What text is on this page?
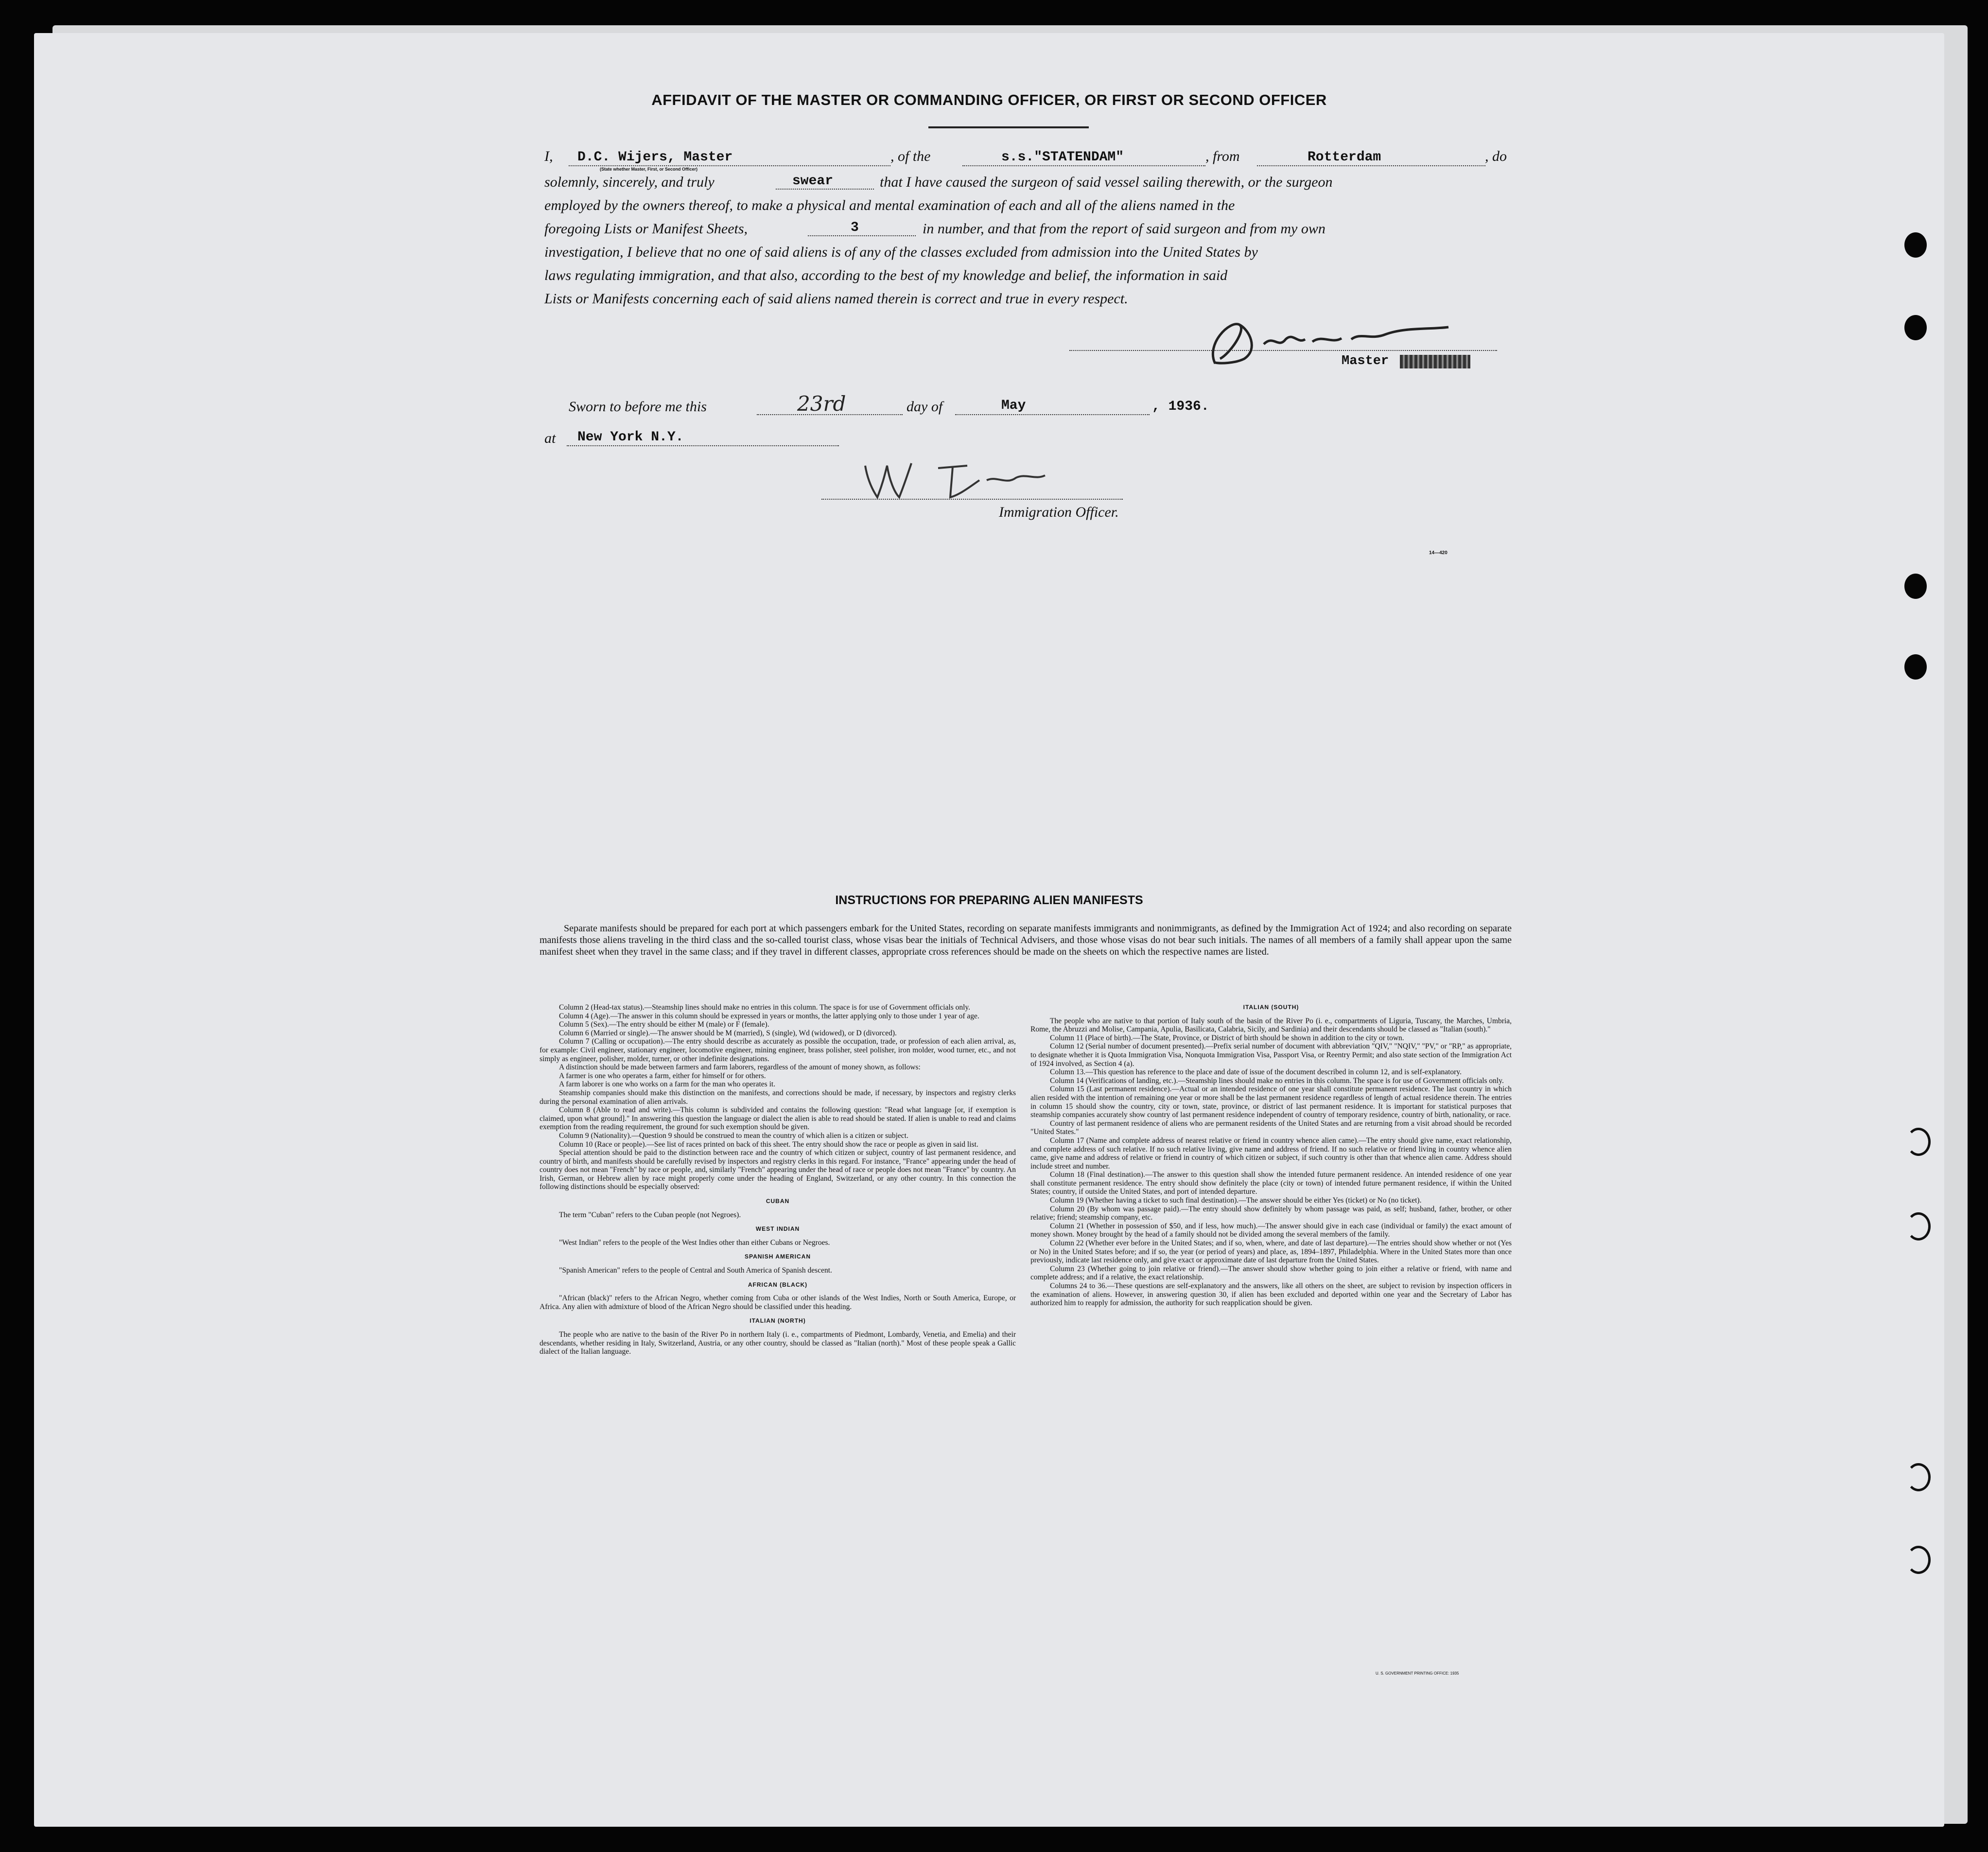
AFFIDAVIT OF THE MASTER OR COMMANDING OFFICER, OR FIRST OR SECOND OFFICER
I,	D.C. Wijers, Master
(State whether Master, First, or Second Officer)
, of the	s.s."STATENDAM"	, from	Rotterdam	, do
solemnly, sincerely, and truly	swear	that I have caused the surgeon of said vessel sailing therewith, or the surgeon
employed by the owners thereof, to make a physical and mental examination of each and all of the aliens named in the
foregoing Lists or Manifest Sheets,	3	in number, and that from the report of said surgeon and from my own
investigation, I believe that no one of said aliens is of any of the classes excluded from admission into the United States by
laws regulating immigration, and that also, according to the best of my knowledge and belief, the information in said
Lists or Manifests concerning each of said aliens named therein is correct and true in every respect.
Master
Sworn to before me this	23rd	day of	May	, 1936.
at	New York N.Y.
Immigration Officer.
14—420
INSTRUCTIONS FOR PREPARING ALIEN MANIFESTS
Separate manifests should be prepared for each port at which passengers embark for the United States, recording on separate manifests immigrants and nonimmigrants, as defined by the Immigration Act of 1924; and also recording on separate manifests those aliens traveling in the third class and the so-called tourist class, whose visas bear the initials of Technical Advisers, and those whose visas do not bear such initials. The names of all members of a family shall appear upon the same manifest sheet when they travel in the same class; and if they travel in different classes, appropriate cross references should be made on the sheets on which the respective names are listed.

Column 2 (Head-tax status).—Steamship lines should make no entries in this column. The space is for use of Government officials only.

Column 4 (Age).—The answer in this column should be expressed in years or months, the latter applying only to those under 1 year of age.

Column 5 (Sex).—The entry should be either M (male) or F (female).

Column 6 (Married or single).—The answer should be M (married), S (single), Wd (widowed), or D (divorced).

Column 7 (Calling or occupation).—The entry should describe as accurately as possible the occupation, trade, or profession of each alien arrival, as, for example: Civil engineer, stationary engineer, locomotive engineer, mining engineer, brass polisher, steel polisher, iron molder, wood turner, etc., and not simply as engineer, polisher, molder, turner, or other indefinite designations.

A distinction should be made between farmers and farm laborers, regardless of the amount of money shown, as follows:

A farmer is one who operates a farm, either for himself or for others.

A farm laborer is one who works on a farm for the man who operates it.

Steamship companies should make this distinction on the manifests, and corrections should be made, if necessary, by inspectors and registry clerks during the personal examination of alien arrivals.

Column 8 (Able to read and write).—This column is subdivided and contains the following question: "Read what language [or, if exemption is claimed, upon what ground]." In answering this question the language or dialect the alien is able to read should be stated. If alien is unable to read and claims exemption from the reading requirement, the ground for such exemption should be given.

Column 9 (Nationality).—Question 9 should be construed to mean the country of which alien is a citizen or subject.

Column 10 (Race or people).—See list of races printed on back of this sheet. The entry should show the race or people as given in said list.

Special attention should be paid to the distinction between race and the country of which citizen or subject, country of last permanent residence, and country of birth, and manifests should be carefully revised by inspectors and registry clerks in this regard. For instance, "France" appearing under the head of country does not mean "French" by race or people, and, similarly "French" appearing under the head of race or people does not mean "France" by country. An Irish, German, or Hebrew alien by race might properly come under the heading of England, Switzerland, or any other country. In this connection the following distinctions should be especially observed:

CUBAN

The term "Cuban" refers to the Cuban people (not Negroes).

WEST INDIAN

"West Indian" refers to the people of the West Indies other than either Cubans or Negroes.

SPANISH AMERICAN

"Spanish American" refers to the people of Central and South America of Spanish descent.

AFRICAN (BLACK)

"African (black)" refers to the African Negro, whether coming from Cuba or other islands of the West Indies, North or South America, Europe, or Africa. Any alien with admixture of blood of the African Negro should be classified under this heading.

ITALIAN (NORTH)

The people who are native to the basin of the River Po in northern Italy (i. e., compartments of Piedmont, Lombardy, Venetia, and Emelia) and their descendants, whether residing in Italy, Switzerland, Austria, or any other country, should be classed as "Italian (north)." Most of these people speak a Gallic dialect of the Italian language.

ITALIAN (SOUTH)

The people who are native to that portion of Italy south of the basin of the River Po (i. e., compartments of Liguria, Tuscany, the Marches, Umbria, Rome, the Abruzzi and Molise, Campania, Apulia, Basilicata, Calabria, Sicily, and Sardinia) and their descendants should be classed as "Italian (south)."

Column 11 (Place of birth).—The State, Province, or District of birth should be shown in addition to the city or town.

Column 12 (Serial number of document presented).—Prefix serial number of document with abbreviation "QIV," "NQIV," "PV," or "RP," as appropriate, to designate whether it is Quota Immigration Visa, Nonquota Immigration Visa, Passport Visa, or Reentry Permit; and also state section of the Immigration Act of 1924 involved, as Section 4 (a).

Column 13.—This question has reference to the place and date of issue of the document described in column 12, and is self-explanatory.

Column 14 (Verifications of landing, etc.).—Steamship lines should make no entries in this column. The space is for use of Government officials only.

Column 15 (Last permanent residence).—Actual or an intended residence of one year shall constitute permanent residence. The last country in which alien resided with the intention of remaining one year or more shall be the last permanent residence regardless of length of actual residence therein. The entries in column 15 should show the country, city or town, state, province, or district of last permanent residence. It is important for statistical purposes that steamship companies accurately show country of last permanent residence independent of country of temporary residence, country of birth, nationality, or race.

Country of last permanent residence of aliens who are permanent residents of the United States and are returning from a visit abroad should be recorded "United States."

Column 17 (Name and complete address of nearest relative or friend in country whence alien came).—The entry should give name, exact relationship, and complete address of such relative. If no such relative living, give name and address of friend. If no such relative or friend living in country whence alien came, give name and address of relative or friend in country of which citizen or subject, if such country is other than that whence alien came. Address should include street and number.

Column 18 (Final destination).—The answer to this question shall show the intended future permanent residence. An intended residence of one year shall constitute permanent residence. The entry should show definitely the place (city or town) of intended future permanent residence, if within the United States; country, if outside the United States, and port of intended departure.

Column 19 (Whether having a ticket to such final destination).—The answer should be either Yes (ticket) or No (no ticket).

Column 20 (By whom was passage paid).—The entry should show definitely by whom passage was paid, as self; husband, father, brother, or other relative; friend; steamship company, etc.

Column 21 (Whether in possession of $50, and if less, how much).—The answer should give in each case (individual or family) the exact amount of money shown. Money brought by the head of a family should not be divided among the several members of the family.

Column 22 (Whether ever before in the United States; and if so, when, where, and date of last departure).—The entries should show whether or not (Yes or No) in the United States before; and if so, the year (or period of years) and place, as, 1894–1897, Philadelphia. Where in the United States more than once previously, indicate last residence only, and give exact or approximate date of last departure from the United States.

Column 23 (Whether going to join relative or friend).—The answer should show whether going to join either a relative or friend, with name and complete address; and if a relative, the exact relationship.

Columns 24 to 36.—These questions are self-explanatory and the answers, like all others on the sheet, are subject to revision by inspection officers in the examination of aliens. However, in answering question 30, if alien has been excluded and deported within one year and the Secretary of Labor has authorized him to reapply for admission, the authority for such reapplication should be given.

U. S. GOVERNMENT PRINTING OFFICE: 1935
